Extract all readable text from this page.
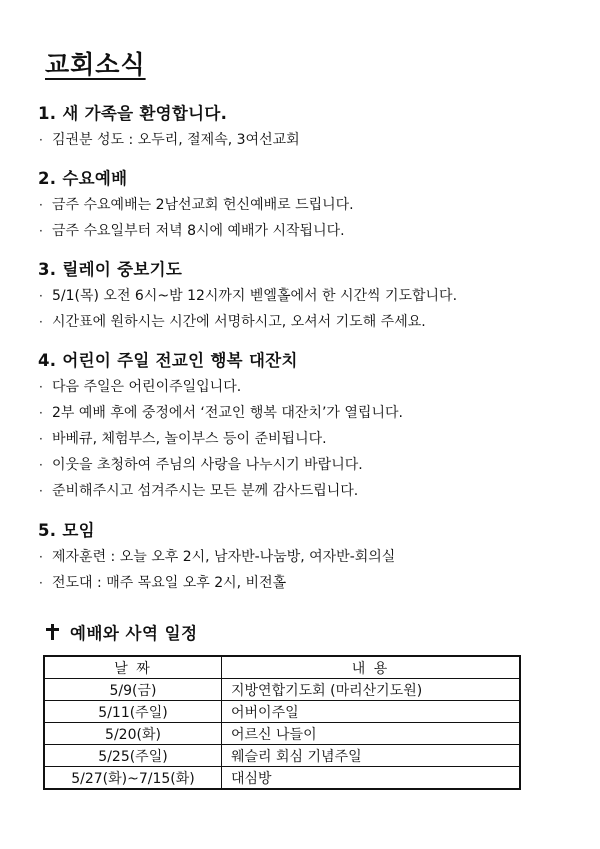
교회소식
1. 새 가족을 환영합니다.
· 김권분 성도 : 오두리, 절제속, 3여선교회
2. 수요예배
· 금주 수요예배는 2남선교회 헌신예배로 드립니다.
· 금주 수요일부터 저녁 8시에 예배가 시작됩니다.
3. 릴레이 중보기도
· 5/1(목) 오전 6시~밤 12시까지 벧엘홀에서 한 시간씩 기도합니다.
· 시간표에 원하시는 시간에 서명하시고, 오셔서 기도해 주세요.
4. 어린이 주일 전교인 행복 대잔치
· 다음 주일은 어린이주일입니다.
· 2부 예배 후에 중정에서 ‘전교인 행복 대잔치’가 열립니다.
· 바베큐, 체험부스, 놀이부스 등이 준비됩니다.
· 이웃을 초청하여 주님의 사랑을 나누시기 바랍니다.
· 준비해주시고 섬겨주시는 모든 분께 감사드립니다.
5. 모임
· 제자훈련 : 오늘 오후 2시, 남자반-나눔방, 여자반-회의실
· 전도대 : 매주 목요일 오후 2시, 비전홀
예배와 사역 일정
날 짜	내 용
5/9(금)	지방연합기도회 (마리산기도원)
5/11(주일)	어버이주일
5/20(화)	어르신 나들이
5/25(주일)	웨슬리 회심 기념주일
5/27(화)~7/15(화)	대심방
